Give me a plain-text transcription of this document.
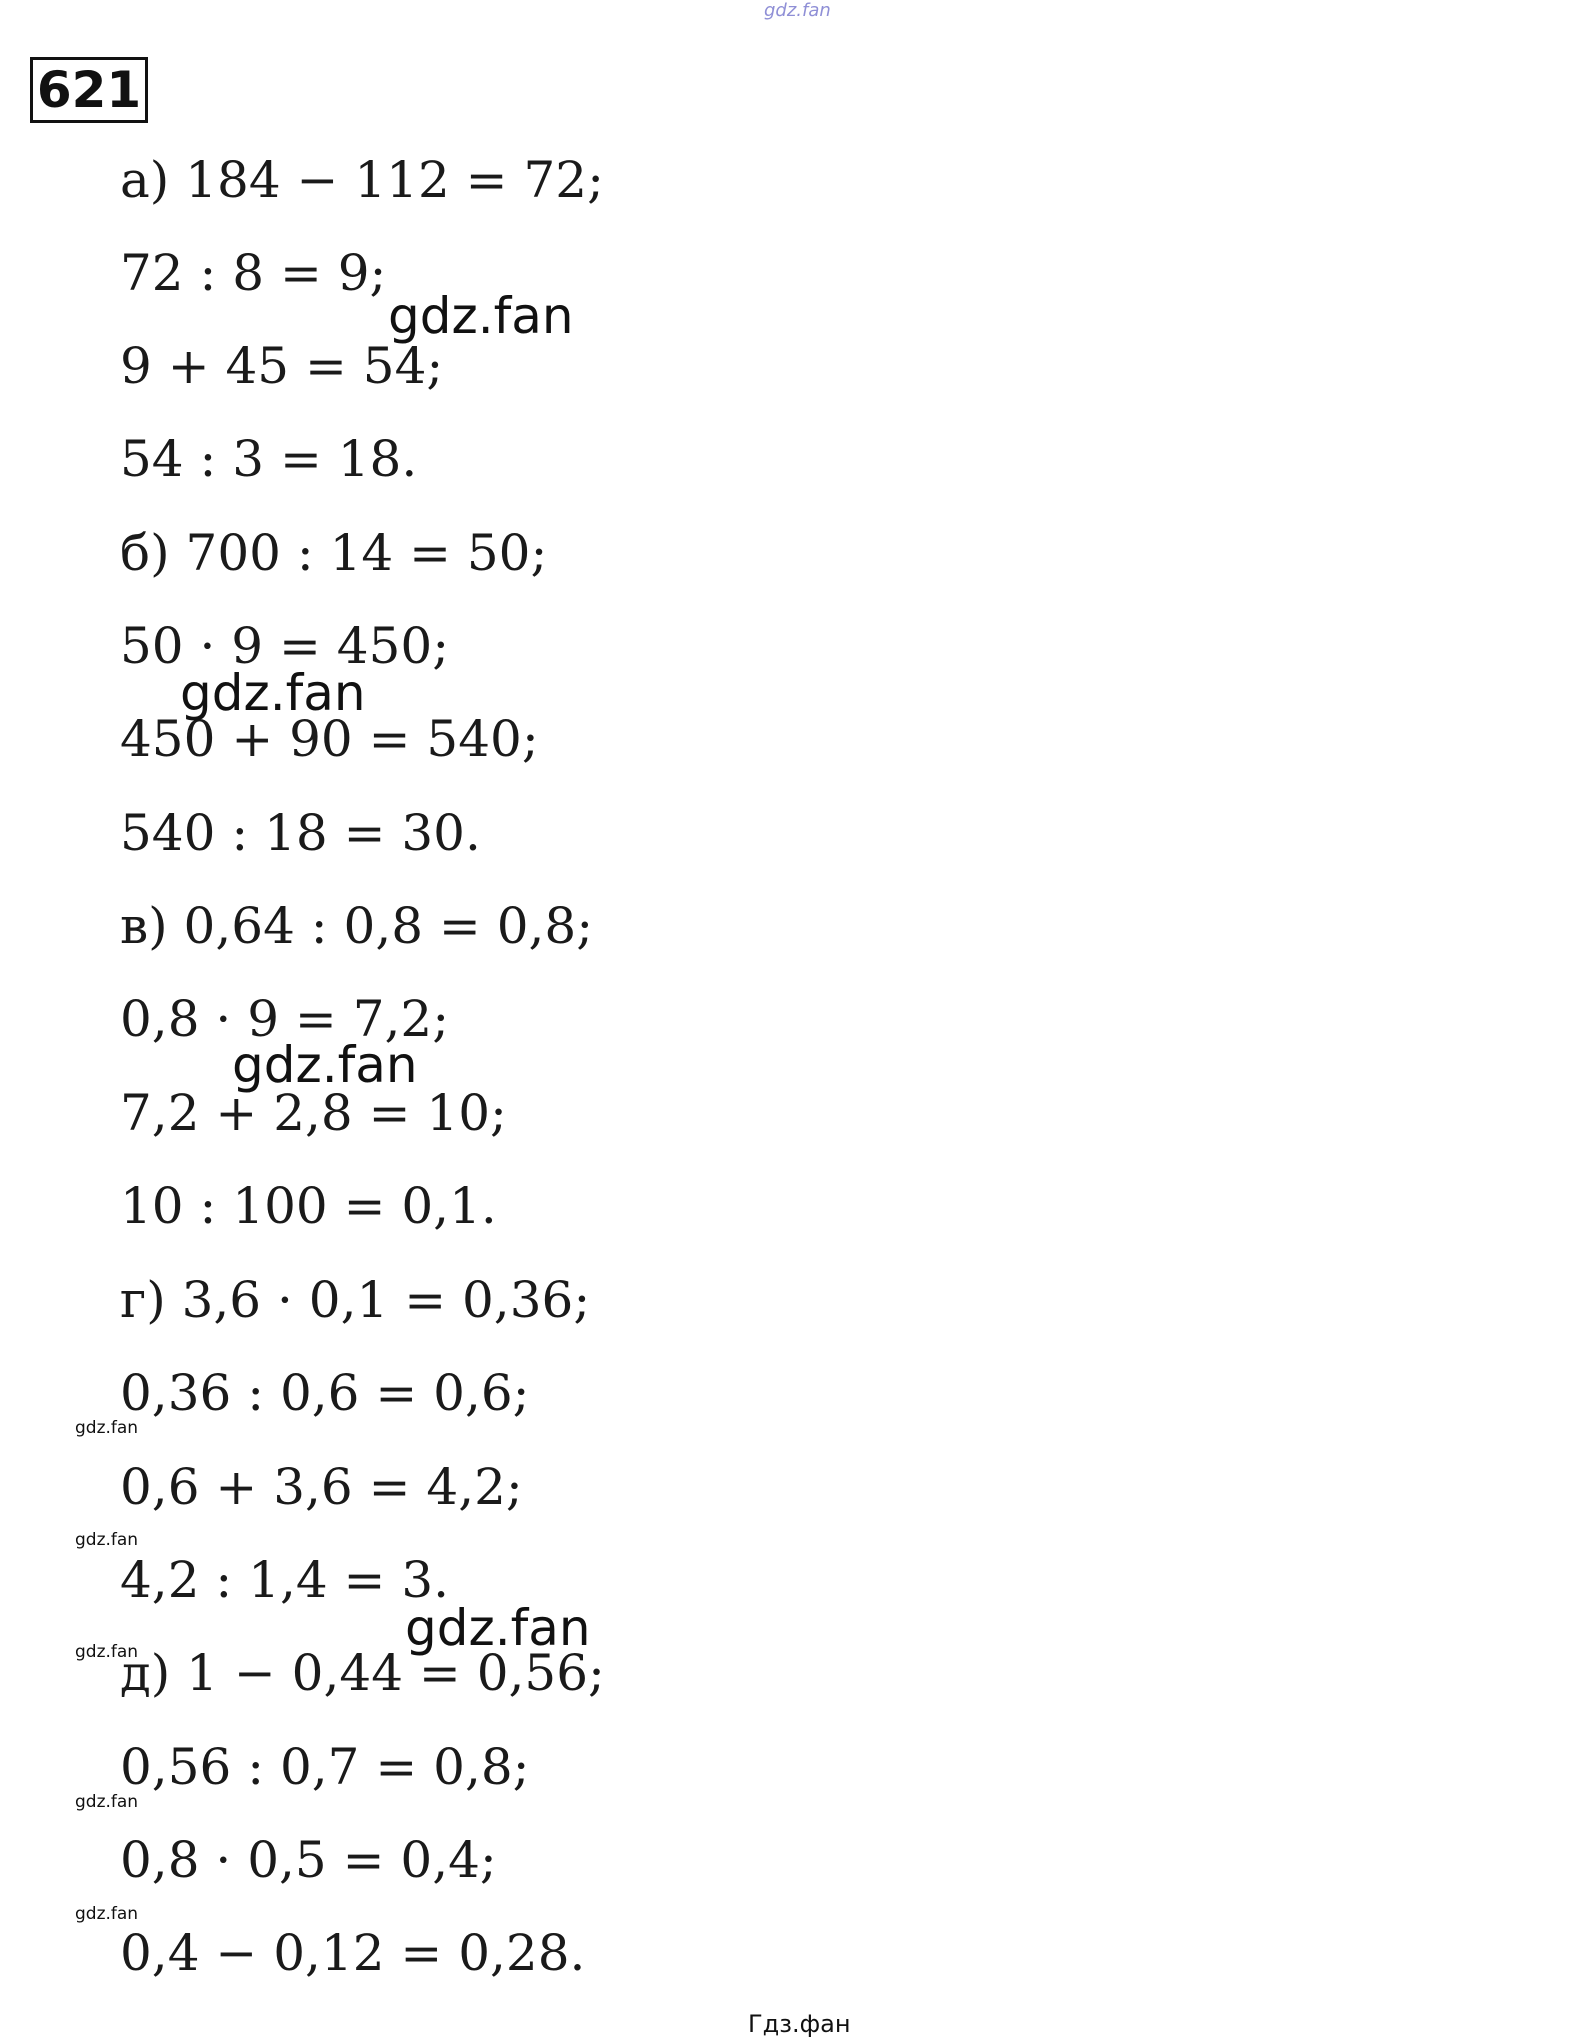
gdz.fan
621
а) 184 − 112 = 72;
72 : 8 = 9;
9 + 45 = 54;
54 : 3 = 18.
б) 700 : 14 = 50;
50 · 9 = 450;
450 + 90 = 540;
540 : 18 = 30.
в) 0,64 : 0,8 = 0,8;
0,8 · 9 = 7,2;
7,2 + 2,8 = 10;
10 : 100 = 0,1.
г) 3,6 · 0,1 = 0,36;
0,36 : 0,6 = 0,6;
0,6 + 3,6 = 4,2;
4,2 : 1,4 = 3.
д) 1 − 0,44 = 0,56;
0,56 : 0,7 = 0,8;
0,8 · 0,5 = 0,4;
0,4 − 0,12 = 0,28.
gdz.fan
gdz.fan
gdz.fan
gdz.fan
gdz.fan
gdz.fan
gdz.fan
gdz.fan
gdz.fan
Гдз.фан
